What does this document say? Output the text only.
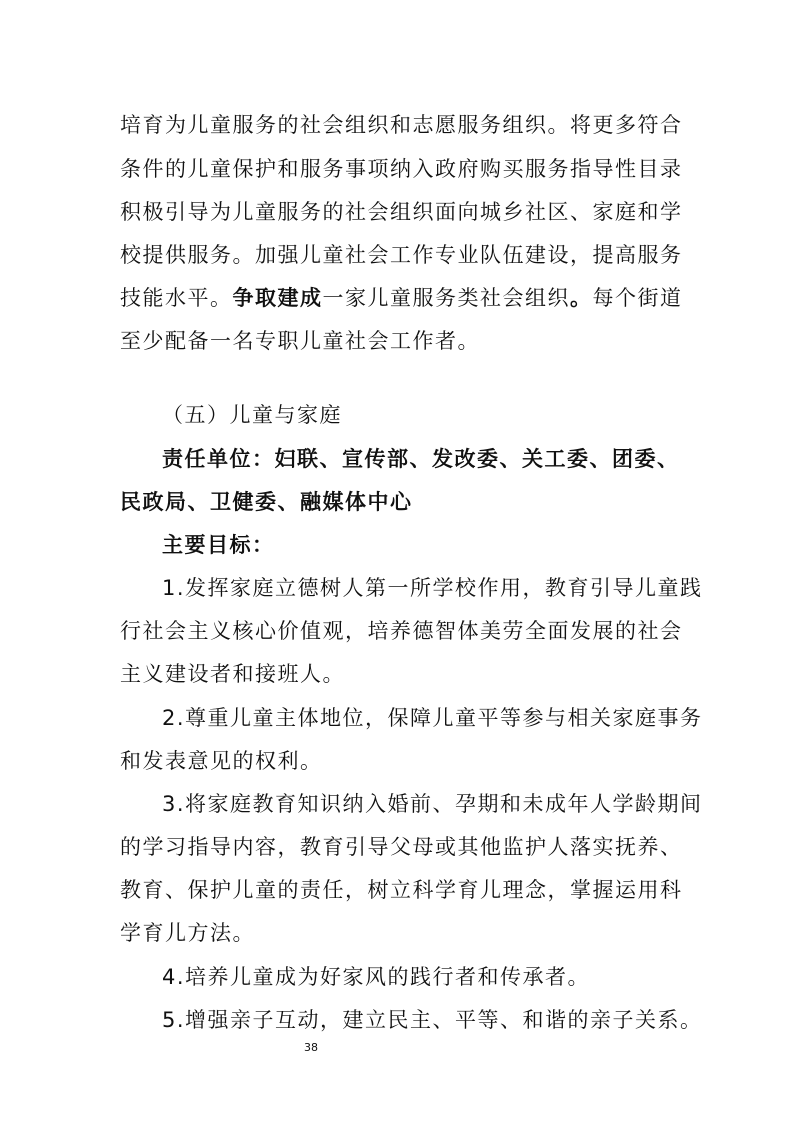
培育为儿童服务的社会组织和志愿服务组织。将更多符合
条件的儿童保护和服务事项纳入政府购买服务指导性目录
积极引导为儿童服务的社会组织面向城乡社区、家庭和学
校提供服务。加强儿童社会工作专业队伍建设，提高服务
技能水平。争取建成一家儿童服务类社会组织。每个街道
至少配备一名专职儿童社会工作者。
（五）儿童与家庭
责任单位：妇联、宣传部、发改委、关工委、团委、
民政局、卫健委、融媒体中心
主要目标：
1.发挥家庭立德树人第一所学校作用，教育引导儿童践
行社会主义核心价值观，培养德智体美劳全面发展的社会
主义建设者和接班人。
2.尊重儿童主体地位，保障儿童平等参与相关家庭事务
和发表意见的权利。
3.将家庭教育知识纳入婚前、孕期和未成年人学龄期间
的学习指导内容，教育引导父母或其他监护人落实抚养、
教育、保护儿童的责任，树立科学育儿理念，掌握运用科
学育儿方法。
4.培养儿童成为好家风的践行者和传承者。
5.增强亲子互动，建立民主、平等、和谐的亲子关系。
38
